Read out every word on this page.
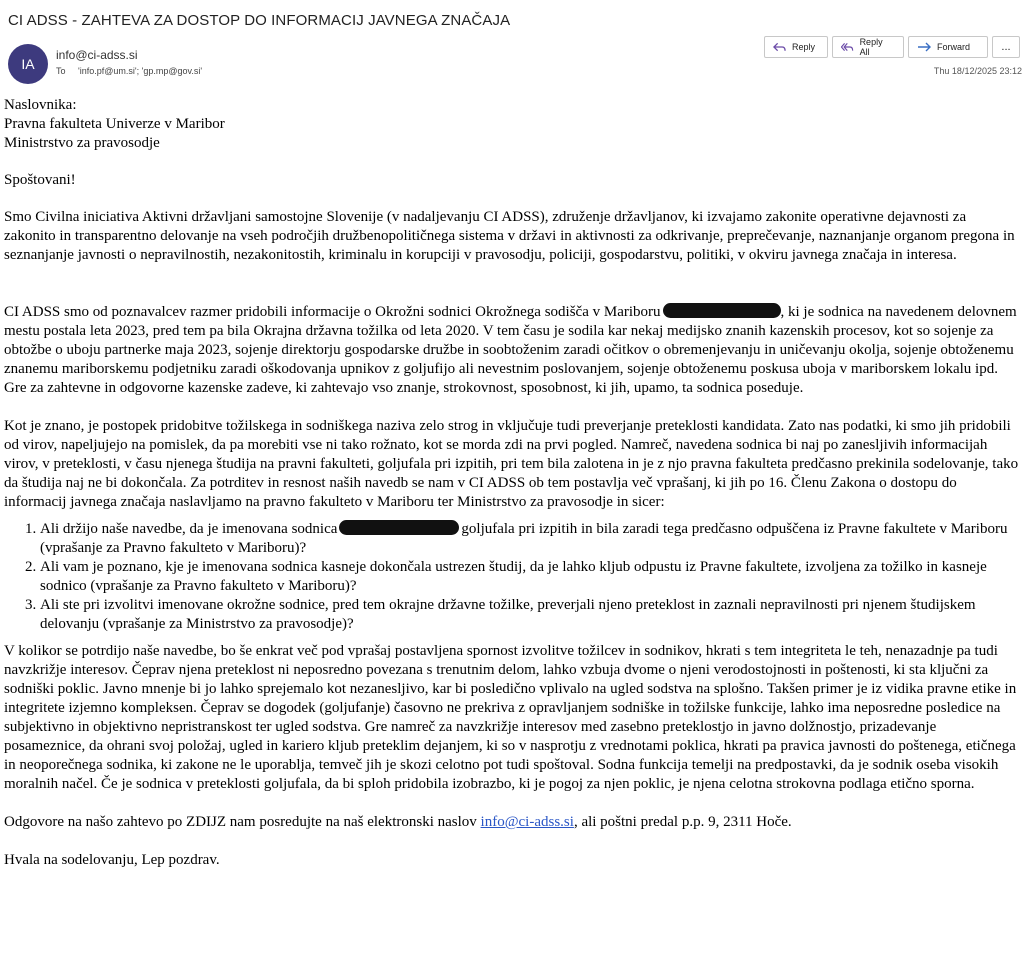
CI ADSS - ZAHTEVA ZA DOSTOP DO INFORMACIJ JAVNEGA ZNAČAJA
IA
info@ci-adss.si
To 'info.pf@um.si'; 'gp.mp@gov.si'
Reply	Reply All	Forward	...
Thu 18/12/2025 23:12

Naslovnika:

Pravna fakulteta Univerze v Maribor

Ministrstvo za pravosodje

Spoštovani!

Smo Civilna iniciativa Aktivni državljani samostojne Slovenije (v nadaljevanju CI ADSS), združenje državljanov, ki izvajamo zakonite operativne dejavnosti za zakonito in transparentno delovanje na vseh področjih družbenopolitičnega sistema v državi in aktivnosti za odkrivanje, preprečevanje, naznanjanje organom pregona in seznanjanje javnosti o nepravilnostih, nezakonitostih, kriminalu in korupciji v pravosodju, policiji, gospodarstvu, politiki, v okviru javnega značaja in interesa.

CI ADSS smo od poznavalcev razmer pridobili informacije o Okrožni sodnici Okrožnega sodišča v Mariboru	, ki je sodnica na navedenem delovnem mestu postala leta 2023, pred tem pa bila Okrajna državna tožilka od leta 2020. V tem času je sodila kar nekaj medijsko znanih kazenskih procesov, kot so sojenje za obtožbe o uboju partnerke maja 2023, sojenje direktorju gospodarske družbe in soobtoženim zaradi očitkov o obremenjevanju in uničevanju okolja, sojenje obtoženemu znanemu mariborskemu podjetniku zaradi oškodovanja upnikov z goljufijo ali nevestnim poslovanjem, sojenje obtoženemu poskusa uboja v mariborskem lokalu ipd. Gre za zahtevne in odgovorne kazenske zadeve, ki zahtevajo vso znanje, strokovnost, sposobnost, ki jih, upamo, ta sodnica poseduje.

Kot je znano, je postopek pridobitve tožilskega in sodniškega naziva zelo strog in vključuje tudi preverjanje preteklosti kandidata. Zato nas podatki, ki smo jih pridobili od virov, napeljujejo na pomislek, da pa morebiti vse ni tako rožnato, kot se morda zdi na prvi pogled. Namreč, navedena sodnica bi naj po zanesljivih informacijah virov, v preteklosti, v času njenega študija na pravni fakulteti, goljufala pri izpitih, pri tem bila zalotena in je z njo pravna fakulteta predčasno prekinila sodelovanje, tako da študija naj ne bi dokončala. Za potrditev in resnost naših navedb se nam v CI ADSS ob tem postavlja več vprašanj, ki jih po 16. Členu Zakona o dostopu do informacij javnega značaja naslavljamo na pravno fakulteto v Mariboru ter Ministrstvo za pravosodje in sicer:

1. Ali držijo naše navedbe, da je imenovana sodnica	goljufala pri izpitih in bila zaradi tega predčasno odpuščena iz Pravne fakultete v Mariboru (vprašanje za Pravno fakulteto v Mariboru)?
2. Ali vam je poznano, kje je imenovana sodnica kasneje dokončala ustrezen študij, da je lahko kljub odpustu iz Pravne fakultete, izvoljena za tožilko in kasneje sodnico (vprašanje za Pravno fakulteto v Mariboru)?
3. Ali ste pri izvolitvi imenovane okrožne sodnice, pred tem okrajne državne tožilke, preverjali njeno preteklost in zaznali nepravilnosti pri njenem študijskem delovanju (vprašanje za Ministrstvo za pravosodje)?

V kolikor se potrdijo naše navedbe, bo še enkrat več pod vprašaj postavljena spornost izvolitve tožilcev in sodnikov, hkrati s tem integriteta le teh, nenazadnje pa tudi navzkrižje interesov. Čeprav njena preteklost ni neposredno povezana s trenutnim delom, lahko vzbuja dvome o njeni verodostojnosti in poštenosti, ki sta ključni za sodniški poklic. Javno mnenje bi jo lahko sprejemalo kot nezanesljivo, kar bi posledično vplivalo na ugled sodstva na splošno. Takšen primer je iz vidika pravne etike in integritete izjemno kompleksen. Čeprav se dogodek (goljufanje) časovno ne prekriva z opravljanjem sodniške in tožilske funkcije, lahko ima neposredne posledice na subjektivno in objektivno nepristranskost ter ugled sodstva. Gre namreč za navzkrižje interesov med zasebno preteklostjo in javno dolžnostjo, prizadevanje posameznice, da ohrani svoj položaj, ugled in kariero kljub preteklim dejanjem, ki so v nasprotju z vrednotami poklica, hkrati pa pravica javnosti do poštenega, etičnega in neoporečnega sodnika, ki zakone ne le uporablja, temveč jih je skozi celotno pot tudi spoštoval. Sodna funkcija temelji na predpostavki, da je sodnik oseba visokih moralnih načel. Če je sodnica v preteklosti goljufala, da bi sploh pridobila izobrazbo, ki je pogoj za njen poklic, je njena celotna strokovna podlaga etično sporna.

Odgovore na našo zahtevo po ZDIJZ nam posredujte na naš elektronski naslov info@ci-adss.si, ali poštni predal p.p. 9, 2311 Hoče.

Hvala na sodelovanju, Lep pozdrav.
